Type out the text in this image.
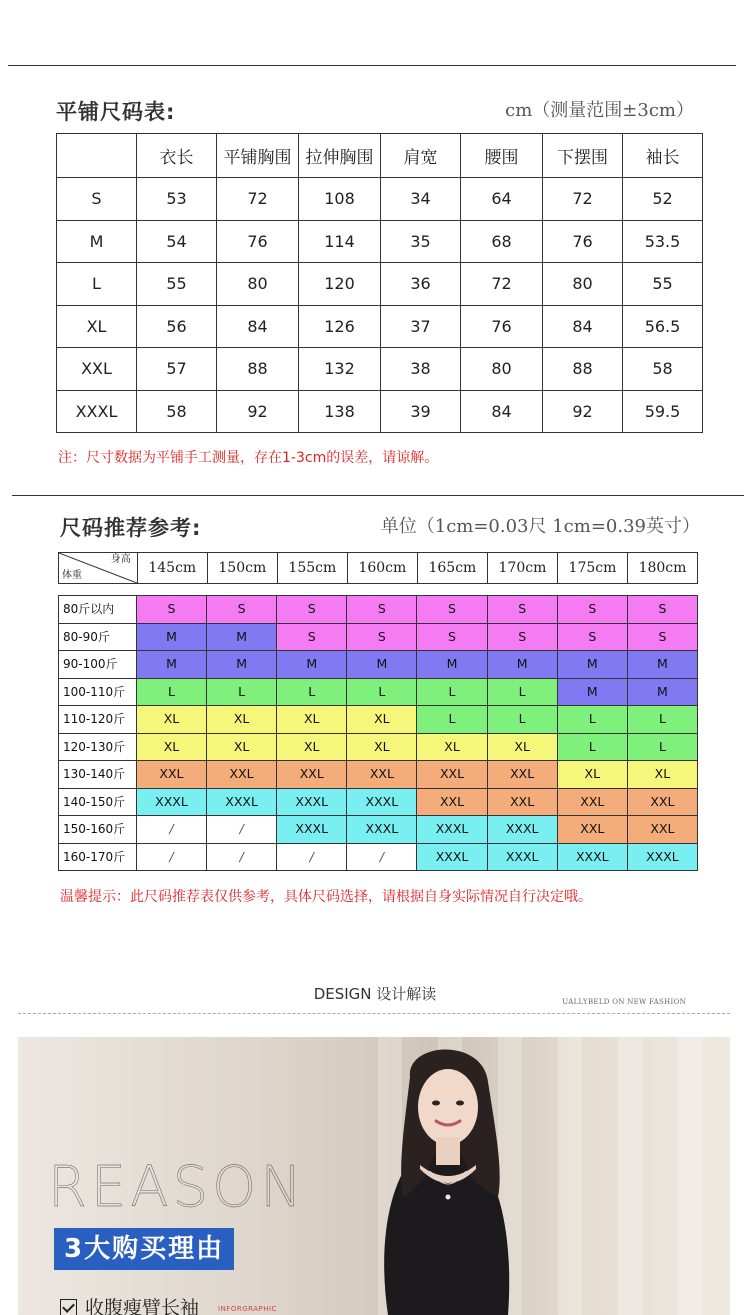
平铺尺码表:	cm（测量范围±3cm）
	衣长	平铺胸围	拉伸胸围	肩宽	腰围	下摆围	袖长
S	53	72	108	34	64	72	52
M	54	76	114	35	68	76	53.5
L	55	80	120	36	72	80	55
XL	56	84	126	37	76	84	56.5
XXL	57	88	132	38	80	88	58
XXXL	58	92	138	39	84	92	59.5
注：尺寸数据为平铺手工测量，存在1-3cm的误差，请谅解。
尺码推荐参考:	单位（1cm=0.03尺 1cm=0.39英寸）
身高
体重	145cm	150cm	155cm	160cm	165cm	170cm	175cm	180cm
80斤以内	S	S	S	S	S	S	S	S
80-90斤	M	M	S	S	S	S	S	S
90-100斤	M	M	M	M	M	M	M	M
100-110斤	L	L	L	L	L	L	M	M
110-120斤	XL	XL	XL	XL	L	L	L	L
120-130斤	XL	XL	XL	XL	XL	XL	L	L
130-140斤	XXL	XXL	XXL	XXL	XXL	XXL	XL	XL
140-150斤	XXXL	XXXL	XXXL	XXXL	XXL	XXL	XXL	XXL
150-160斤	/	/	XXXL	XXXL	XXXL	XXXL	XXL	XXL
160-170斤	/	/	/	/	XXXL	XXXL	XXXL	XXXL
温馨提示：此尺码推荐表仅供参考，具体尺码选择，请根据自身实际情况自行决定哦。
DESIGN 设计解读	UALLYBELD ON NEW FASHION
REASON
3大购买理由
收腹瘦臂长袖	INFORGRAPHIC
